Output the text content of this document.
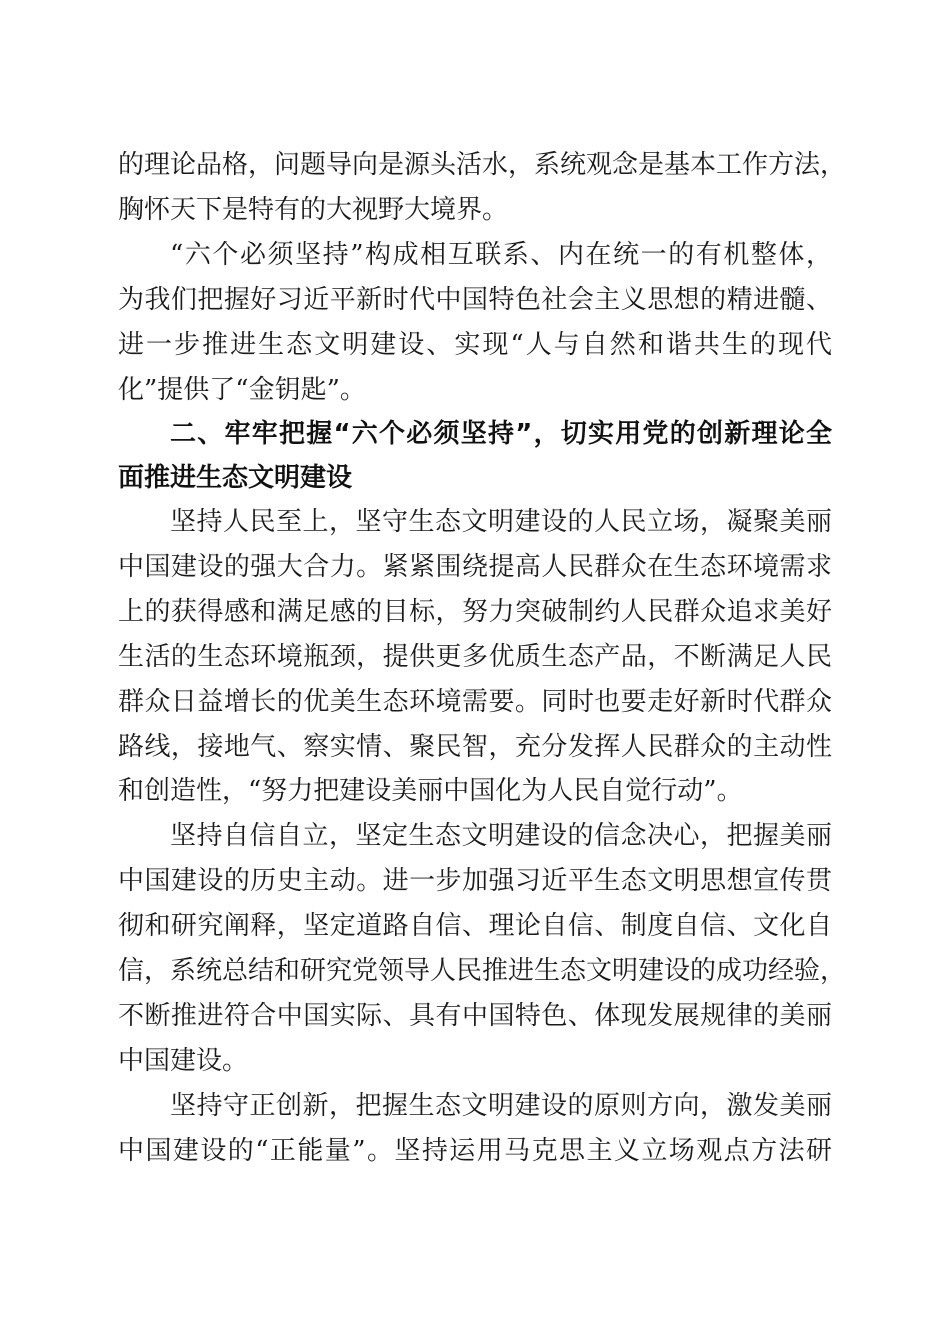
的理论品格，问题导向是源头活水，系统观念是基本工作方法，
胸怀天下是特有的大视野大境界。
“六个必须坚持”构成相互联系、内在统一的有机整体，
为我们把握好习近平新时代中国特色社会主义思想的精进髓、
进一步推进生态文明建设、实现“人与自然和谐共生的现代
化”提供了“金钥匙”。
二、牢牢把握“六个必须坚持”，切实用党的创新理论全
面推进生态文明建设
坚持人民至上，坚守生态文明建设的人民立场，凝聚美丽
中国建设的强大合力。紧紧围绕提高人民群众在生态环境需求
上的获得感和满足感的目标，努力突破制约人民群众追求美好
生活的生态环境瓶颈，提供更多优质生态产品，不断满足人民
群众日益增长的优美生态环境需要。同时也要走好新时代群众
路线，接地气、察实情、聚民智，充分发挥人民群众的主动性
和创造性，“努力把建设美丽中国化为人民自觉行动”。
坚持自信自立，坚定生态文明建设的信念决心，把握美丽
中国建设的历史主动。进一步加强习近平生态文明思想宣传贯
彻和研究阐释，坚定道路自信、理论自信、制度自信、文化自
信，系统总结和研究党领导人民推进生态文明建设的成功经验，
不断推进符合中国实际、具有中国特色、体现发展规律的美丽
中国建设。
坚持守正创新，把握生态文明建设的原则方向，激发美丽
中国建设的“正能量”。坚持运用马克思主义立场观点方法研
